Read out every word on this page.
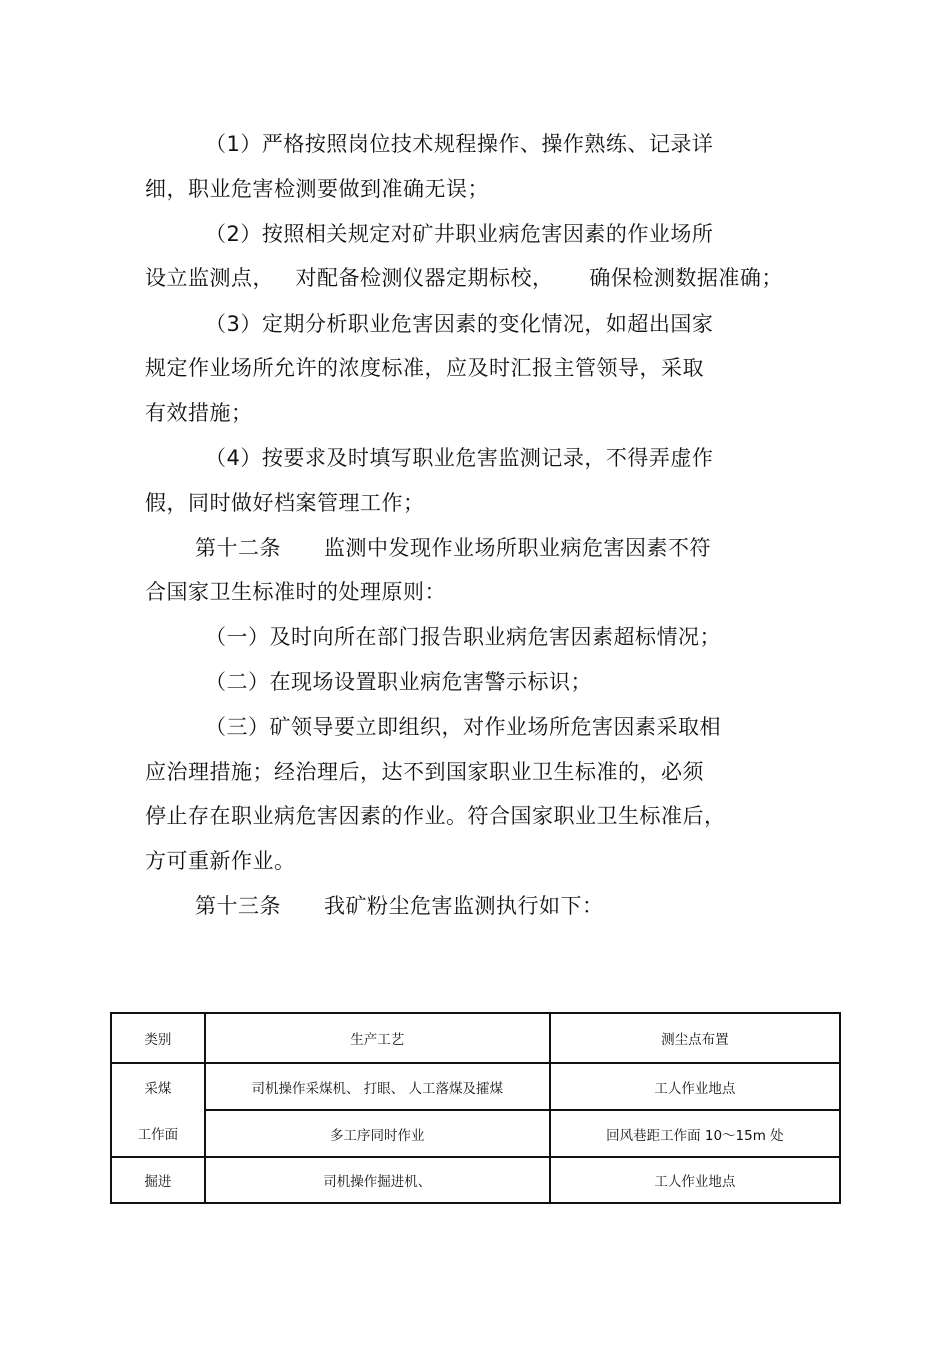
（1）严格按照岗位技术规程操作、操作熟练、记录详
细，职业危害检测要做到准确无误；
（2）按照相关规定对矿井职业病危害因素的作业场所
设立监测点，   对配备检测仪器定期标校，     确保检测数据准确；
（3）定期分析职业危害因素的变化情况，如超出国家
规定作业场所允许的浓度标准，应及时汇报主管领导，采取
有效措施；
（4）按要求及时填写职业危害监测记录，不得弄虚作
假，同时做好档案管理工作；
第十二条      监测中发现作业场所职业病危害因素不符
合国家卫生标准时的处理原则：
（一）及时向所在部门报告职业病危害因素超标情况；
（二）在现场设置职业病危害警示标识；
（三）矿领导要立即组织，对作业场所危害因素采取相
应治理措施；经治理后，达不到国家职业卫生标准的，必须
停止存在职业病危害因素的作业。符合国家职业卫生标准后，
方可重新作业。
第十三条      我矿粉尘危害监测执行如下：
类别	生产工艺	测尘点布置
采煤	司机操作采煤机、 打眼、 人工落煤及攉煤	工人作业地点
工作面	多工序同时作业	回风巷距工作面 10～15m 处
掘进	司机操作掘进机、	工人作业地点
